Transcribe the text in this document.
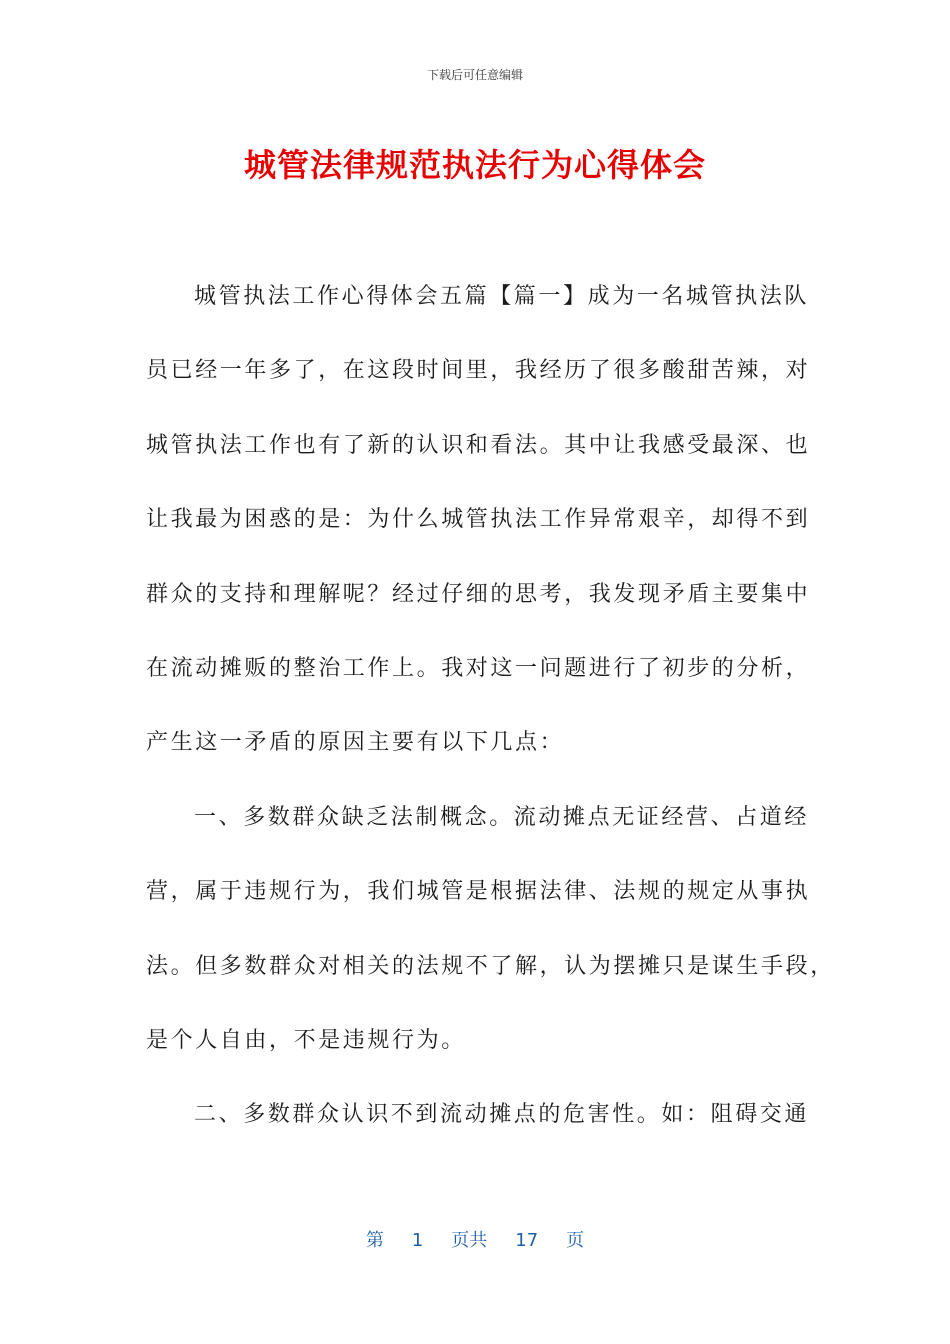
下载后可任意编辑
城管法律规范执法行为心得体会
城管执法工作心得体会五篇【篇一】成为一名城管执法队
员已经一年多了，在这段时间里，我经历了很多酸甜苦辣，对
城管执法工作也有了新的认识和看法。其中让我感受最深、也
让我最为困惑的是：为什么城管执法工作异常艰辛，却得不到
群众的支持和理解呢？经过仔细的思考，我发现矛盾主要集中
在流动摊贩的整治工作上。我对这一问题进行了初步的分析，
产生这一矛盾的原因主要有以下几点：
一、多数群众缺乏法制概念。流动摊点无证经营、占道经
营，属于违规行为，我们城管是根据法律、法规的规定从事执
法。但多数群众对相关的法规不了解，认为摆摊只是谋生手段，
是个人自由，不是违规行为。
二、多数群众认识不到流动摊点的危害性。如：阻碍交通
第 1 页共 17 页
